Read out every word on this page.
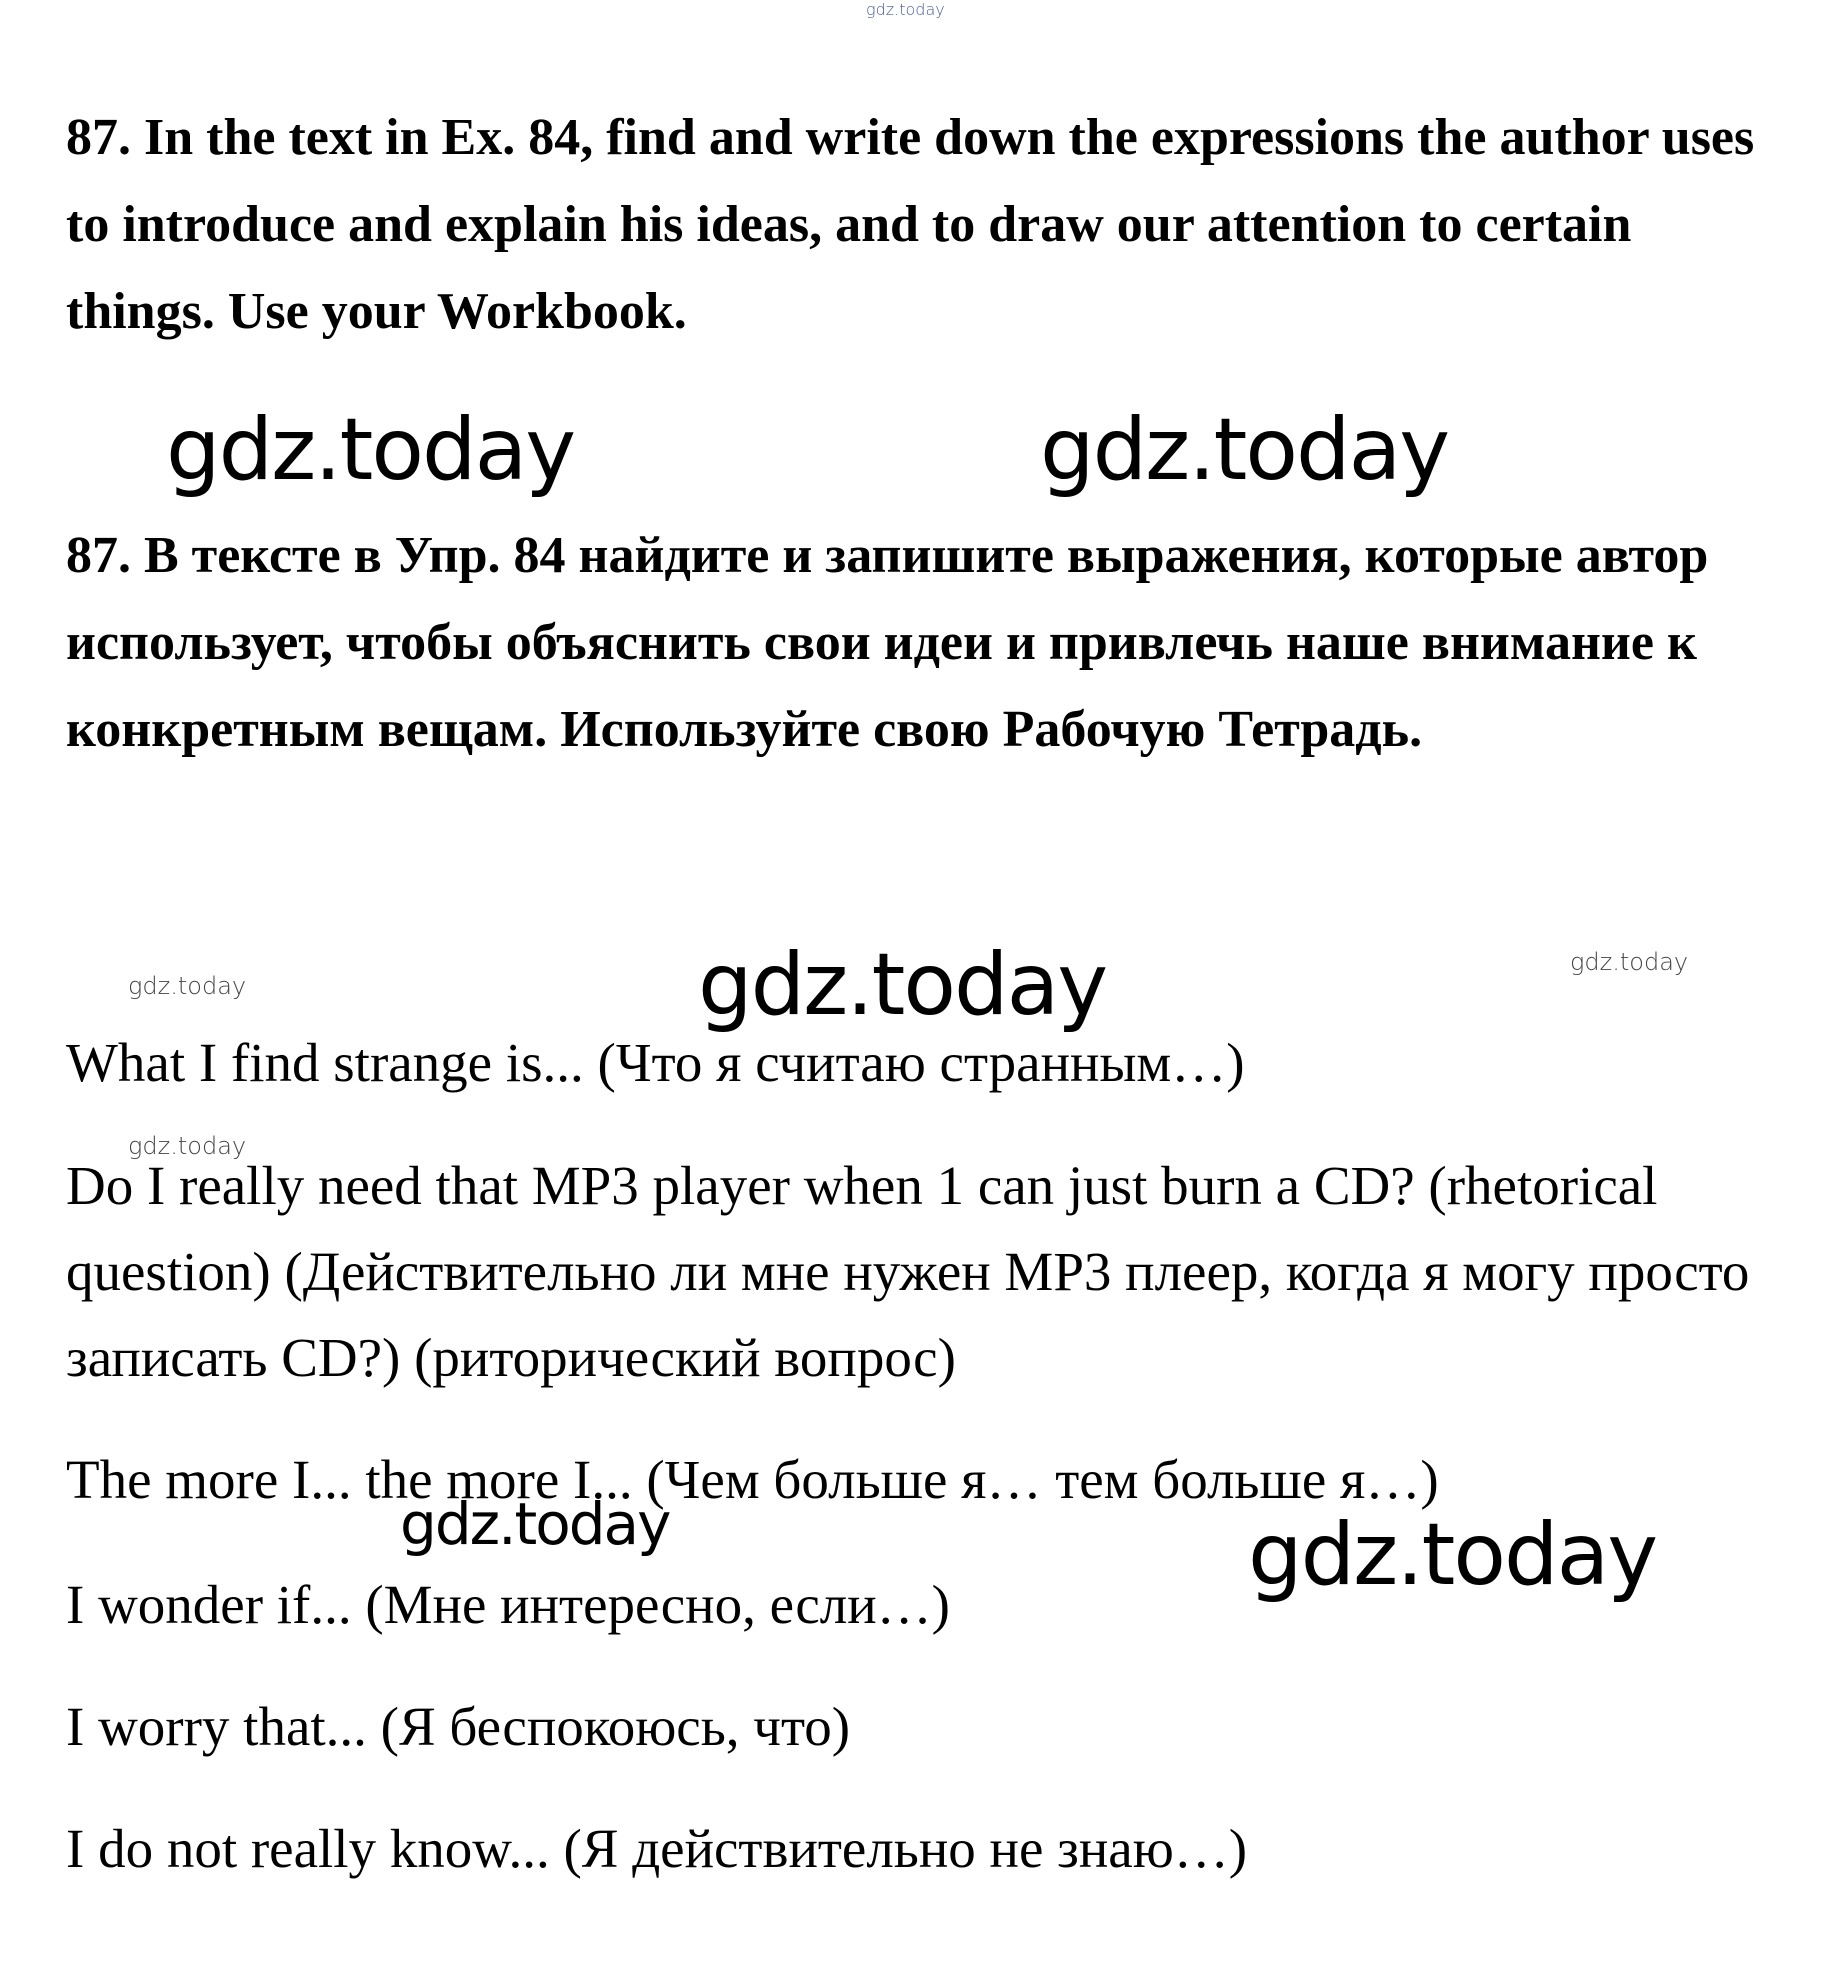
gdz.today

87. In the text in Ex. 84, find and write down the expressions the author uses to introduce and explain his ideas, and to draw our attention to certain things. Use your Workbook.

gdz.today	gdz.today

87. В тексте в Упр. 84 найдите и запишите выражения, которые автор использует, чтобы объяснить свои идеи и привлечь наше внимание к конкретным вещам. Используйте свою Рабочую Тетрадь.

gdz.today	gdz.today	gdz.today

What I find strange is... (Что я считаю странным…)

gdz.today

Do I really need that MP3 player when 1 can just burn a CD? (rhetorical question) (Действительно ли мне нужен MP3 плеер, когда я могу просто записать CD?) (риторический вопрос)

The more I... the more I... (Чем больше я… тем больше я…)

gdz.today	gdz.today

I wonder if... (Мне интересно, если…)

I worry that... (Я беспокоюсь, что)

I do not really know... (Я действительно не знаю…)
